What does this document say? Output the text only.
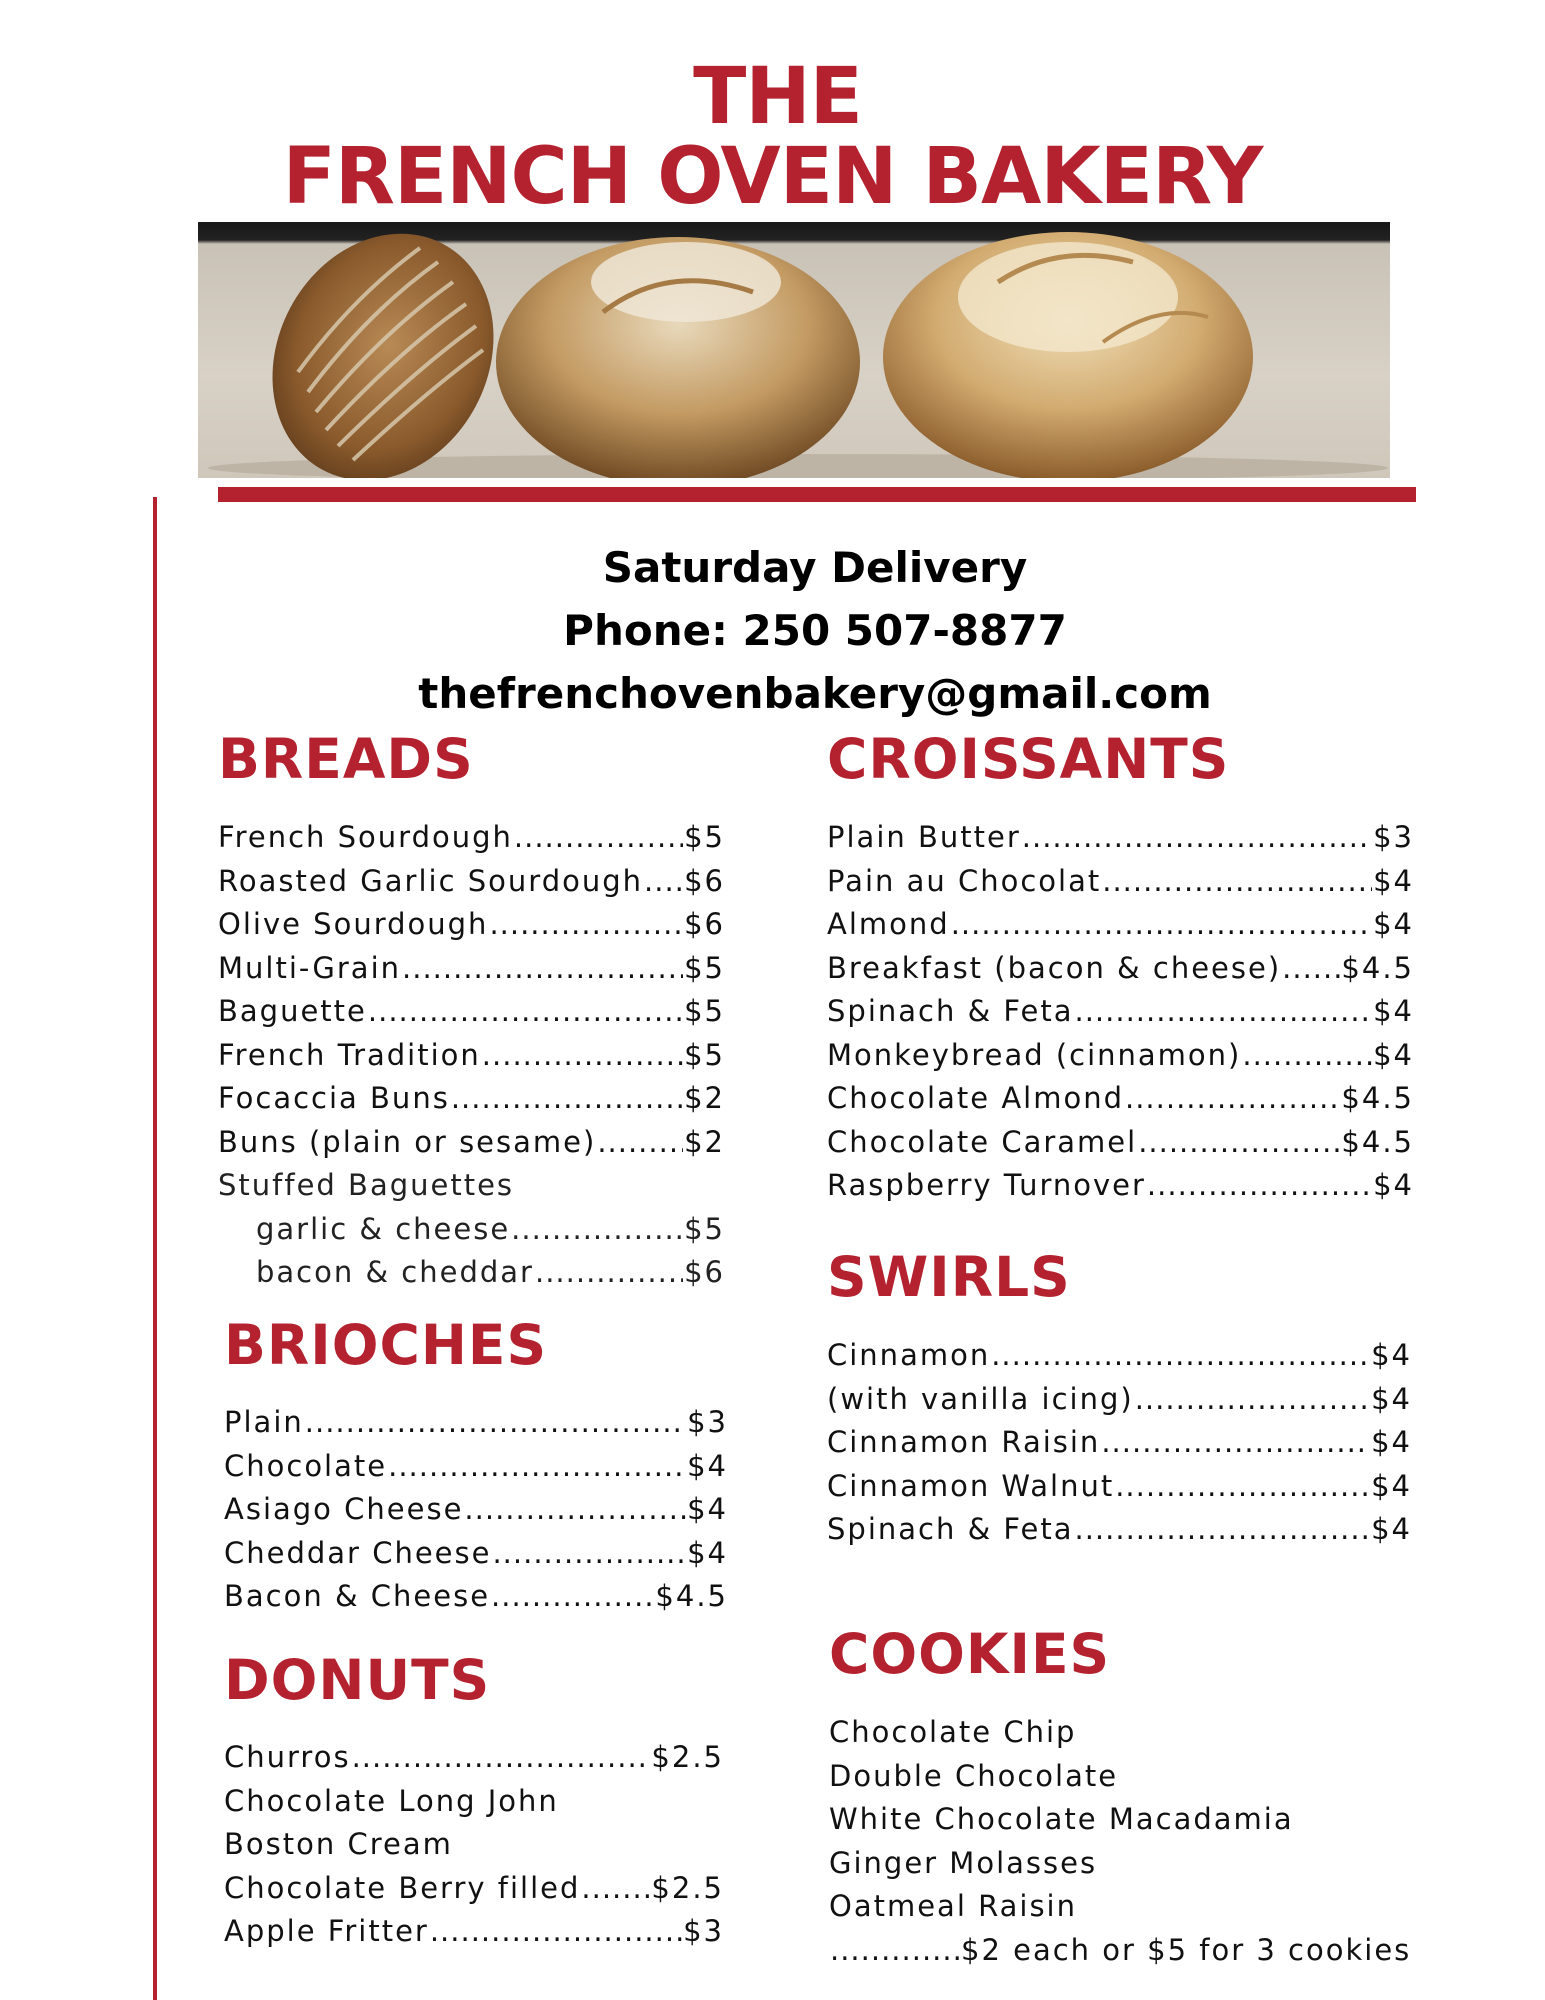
THE
FRENCH OVEN BAKERY
Saturday Delivery
Phone: 250 507-8877
thefrenchovenbakery@gmail.com
BREADS
French Sourdough .....	$5
Roasted Garlic Sourdough ..... $6
Olive Sourdough .....	$6
Multi-Grain .....	$5
Baguette .....	$5
French Tradition .....	$5
Focaccia Buns .....	$2
Buns (plain or sesame) .....	$2
Stuffed Baguettes
garlic & cheese .....	$5
bacon & cheddar .....	$6
BRIOCHES
Plain .....	$3
Chocolate .....	$4
Asiago Cheese .....	$4
Cheddar Cheese .....	$4
Bacon & Cheese .....	$4.5
DONUTS
Churros .....	$2.5
Chocolate Long John
Boston Cream
Chocolate Berry filled ..... $2.5
Apple Fritter .....	$3
CROISSANTS
Plain Butter .....	$3
Pain au Chocolat .....	$4
Almond .....	$4
Breakfast (bacon & cheese) ..... $4.5
Spinach & Feta .....	$4
Monkeybread (cinnamon) .....	$4
Chocolate Almond .....	$4.5
Chocolate Caramel .....	$4.5
Raspberry Turnover .....	$4
SWIRLS
Cinnamon .....	$4
(with vanilla icing) .....	$4
Cinnamon Raisin .....	$4
Cinnamon Walnut .....	$4
Spinach & Feta .....	$4
COOKIES
Chocolate Chip
Double Chocolate
White Chocolate Macadamia
Ginger Molasses
Oatmeal Raisin
$2 each or $5 for 3 cookies
.....
